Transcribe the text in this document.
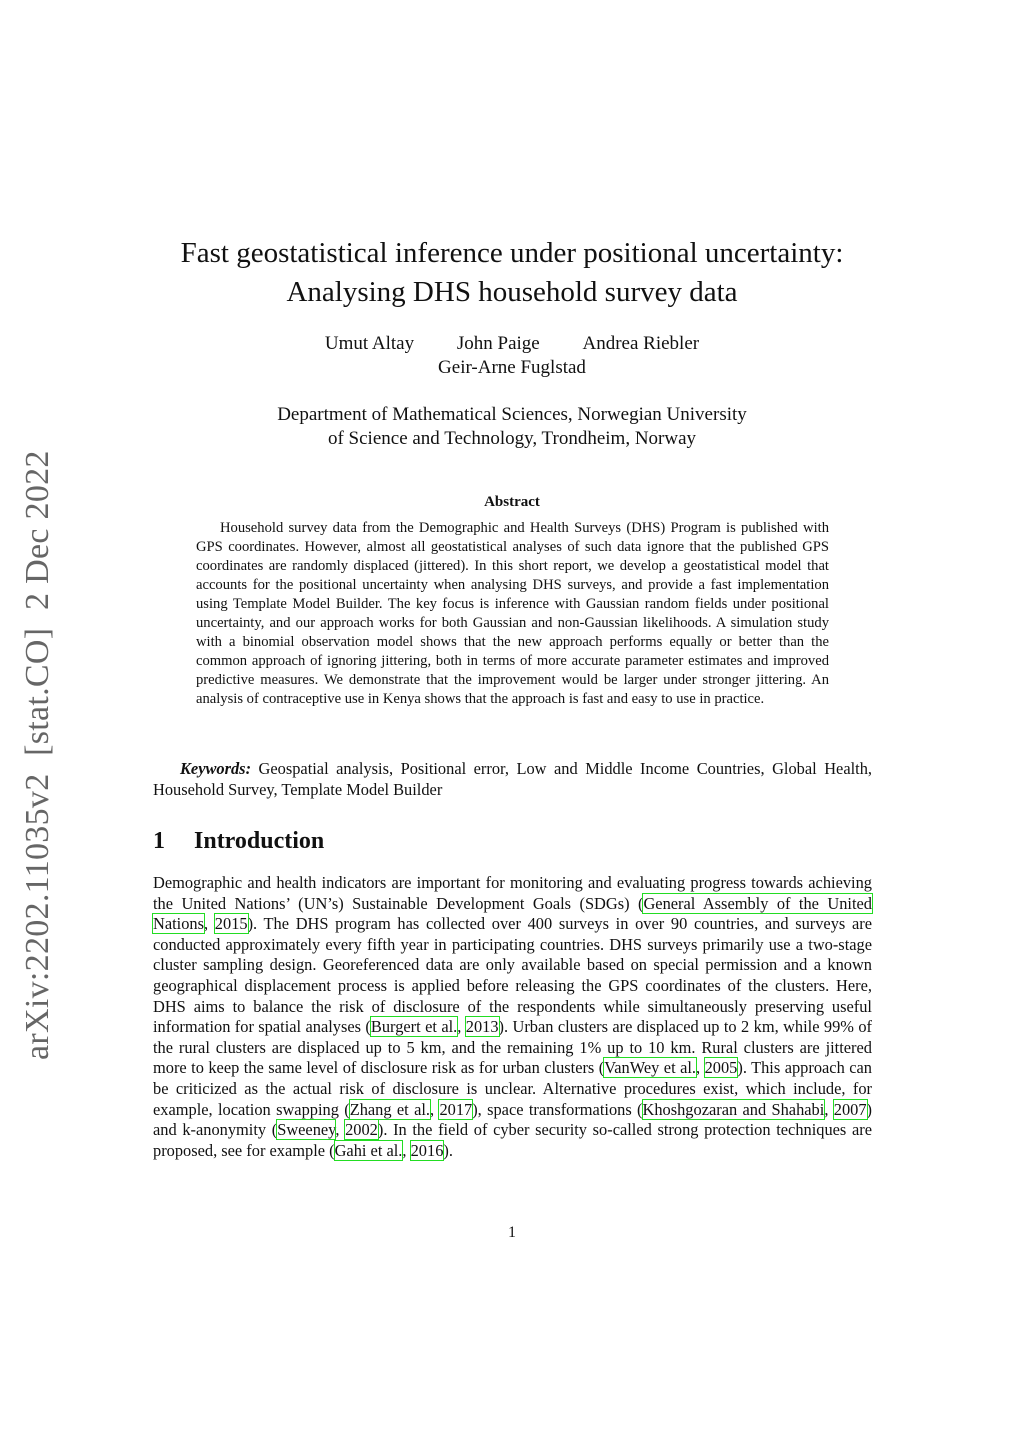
arXiv:2202.11035v2  [stat.CO]  2 Dec 2022
Fast geostatistical inference under positional uncertainty:
Analysing DHS household survey data
Umut Altay John Paige Andrea Riebler
Geir-Arne Fuglstad
Department of Mathematical Sciences, Norwegian University
of Science and Technology, Trondheim, Norway
Abstract

Household survey data from the Demographic and Health Surveys (DHS) Program is published with GPS coordinates. However, almost all geostatistical analyses of such data ignore that the published GPS coordinates are randomly displaced (jittered). In this short report, we develop a geostatistical model that accounts for the positional uncertainty when analysing DHS surveys, and provide a fast implementation using Template Model Builder. The key focus is inference with Gaussian random fields under positional uncertainty, and our approach works for both Gaussian and non-Gaussian likelihoods. A simulation study with a binomial observation model shows that the new approach performs equally or better than the common approach of ignoring jittering, both in terms of more accurate parameter estimates and improved predictive measures. We demonstrate that the improvement would be larger under stronger jittering. An analysis of contraceptive use in Kenya shows that the approach is fast and easy to use in practice.

Keywords: Geospatial analysis, Positional error, Low and Middle Income Countries, Global Health, Household Survey, Template Model Builder

1 Introduction

Demographic and health indicators are important for monitoring and evaluating progress towards achieving the United Nations’ (UN’s) Sustainable Development Goals (SDGs) (General Assembly of the United Nations, 2015). The DHS program has collected over 400 surveys in over 90 countries, and surveys are conducted approximately every fifth year in participating countries. DHS surveys primarily use a two-stage cluster sampling design. Georeferenced data are only available based on special permission and a known geographical displacement process is applied before releasing the GPS coordinates of the clusters. Here, DHS aims to balance the risk of disclosure of the respondents while simultaneously preserving useful information for spatial analyses (Burgert et al., 2013). Urban clusters are displaced up to 2 km, while 99% of the rural clusters are displaced up to 5 km, and the remaining 1% up to 10 km. Rural clusters are jittered more to keep the same level of disclosure risk as for urban clusters (VanWey et al., 2005). This approach can be criticized as the actual risk of disclosure is unclear. Alternative procedures exist, which include, for example, location swapping (Zhang et al., 2017), space transformations (Khoshgozaran and Shahabi, 2007) and k-anonymity (Sweeney, 2002). In the field of cyber security so-called strong protection techniques are proposed, see for example (Gahi et al., 2016).

1
